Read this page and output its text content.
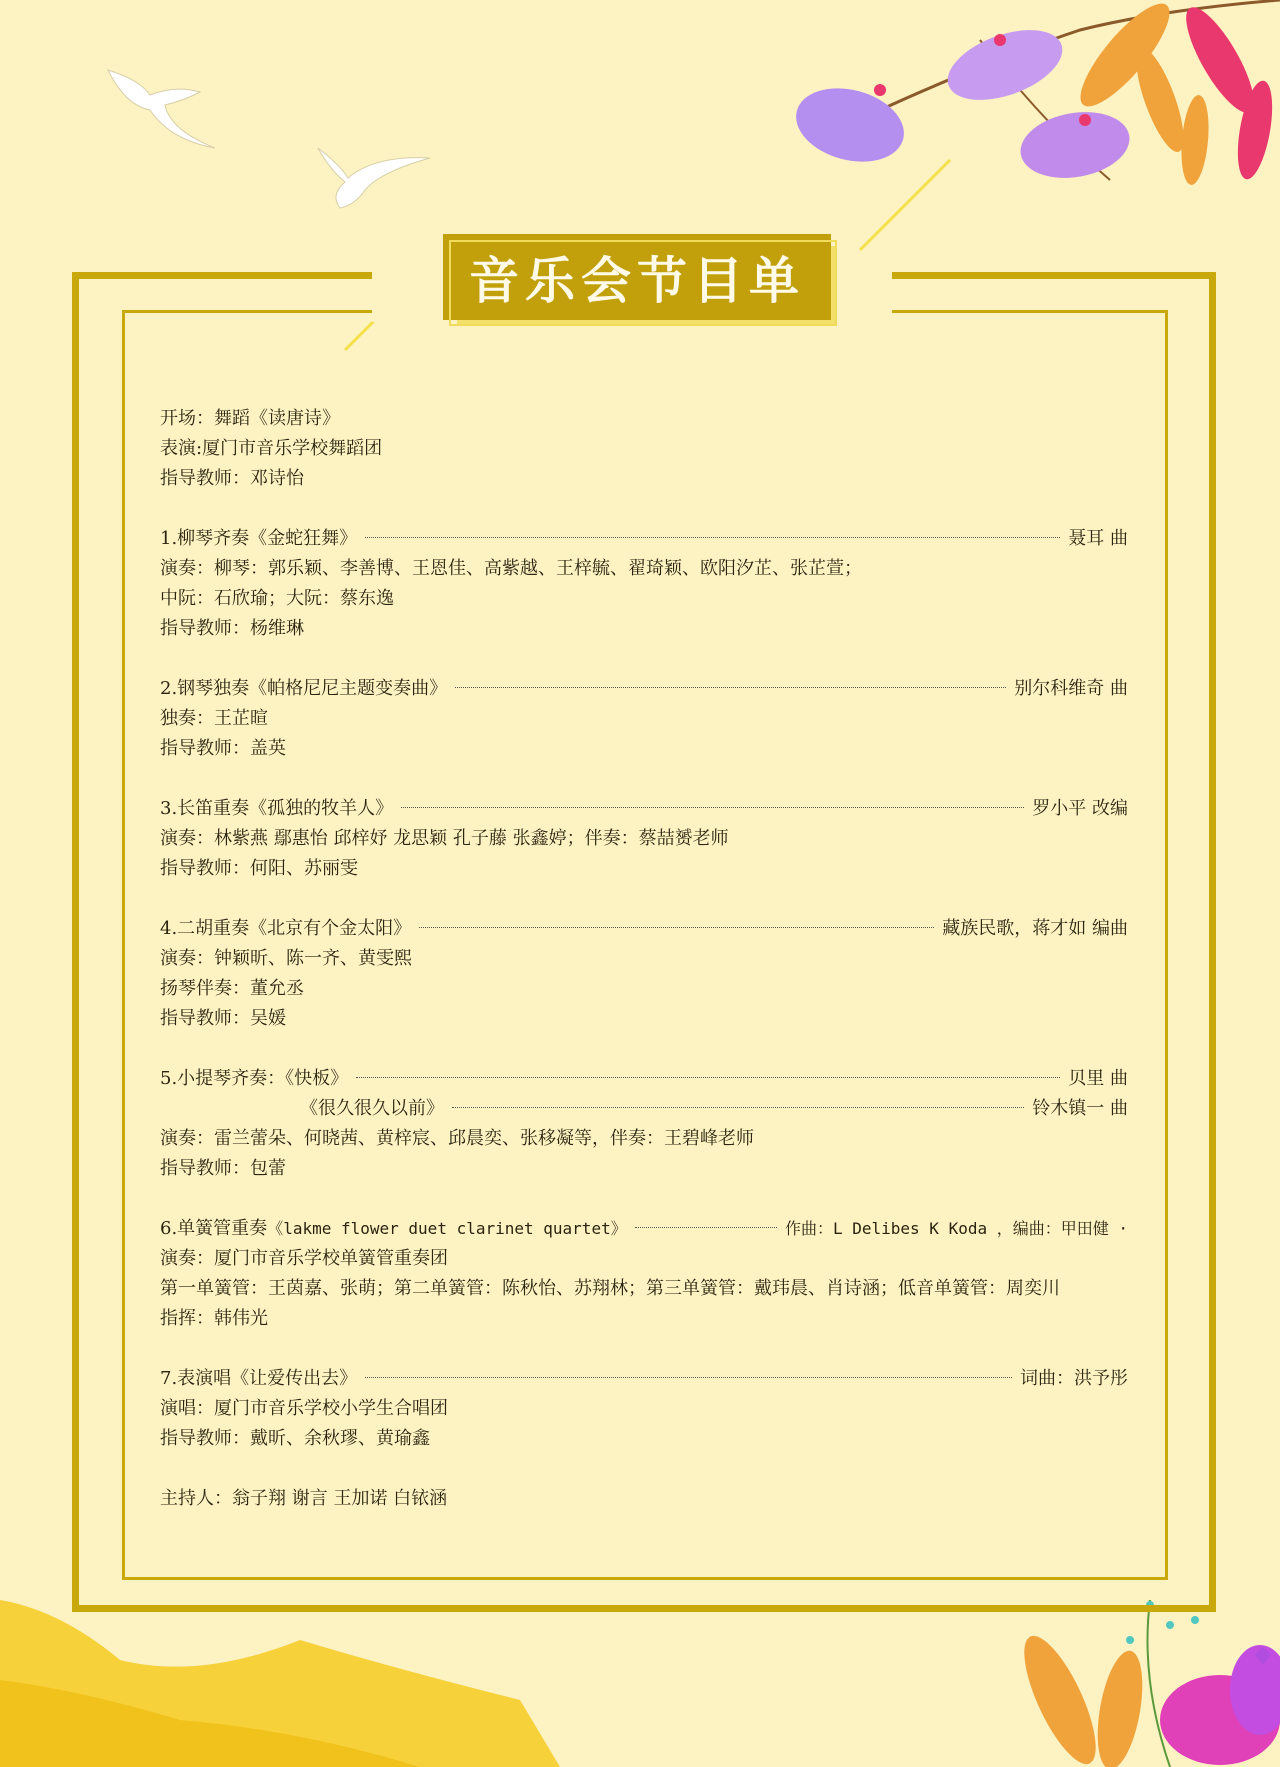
音乐会节目单
开场：舞蹈《读唐诗》
表演:厦门市音乐学校舞蹈团
指导教师：邓诗怡
1.柳琴齐奏《金蛇狂舞》	聂耳 曲
演奏：柳琴：郭乐颖、李善博、王恩佳、高紫越、王梓毓、翟琦颖、欧阳汐芷、张芷萱；
中阮：石欣瑜；大阮：蔡东逸
指导教师：杨维琳
2.钢琴独奏《帕格尼尼主题变奏曲》	别尔科维奇 曲
独奏：王芷暄
指导教师：盖英
3.长笛重奏《孤独的牧羊人》	罗小平 改编
演奏：林紫燕 鄢惠怡 邱梓妤 龙思颖 孔子藤 张鑫婷；伴奏：蔡喆赟老师
指导教师：何阳、苏丽雯
4.二胡重奏《北京有个金太阳》	藏族民歌，蒋才如 编曲
演奏：钟颖昕、陈一齐、黄雯熙
扬琴伴奏：董允丞
指导教师：吴媛
5.小提琴齐奏：《快板》	贝里 曲
《很久很久以前》	铃木镇一 曲
演奏：雷兰蕾朵、何晓茜、黄梓宸、邱晨奕、张移凝等，伴奏：王碧峰老师
指导教师：包蕾
6.单簧管重奏《lakme flower duet clarinet quartet》	作曲：L Delibes K Koda ，编曲：甲田健 ·
演奏：厦门市音乐学校单簧管重奏团
第一单簧管：王茵嘉、张萌；第二单簧管：陈秋怡、苏翔林；第三单簧管：戴玮晨、肖诗涵；低音单簧管：周奕川
指挥：韩伟光
7.表演唱《让爱传出去》	词曲：洪予彤
演唱：厦门市音乐学校小学生合唱团
指导教师：戴昕、余秋璆、黄瑜鑫
主持人：翁子翔 谢言 王加诺 白铱涵
